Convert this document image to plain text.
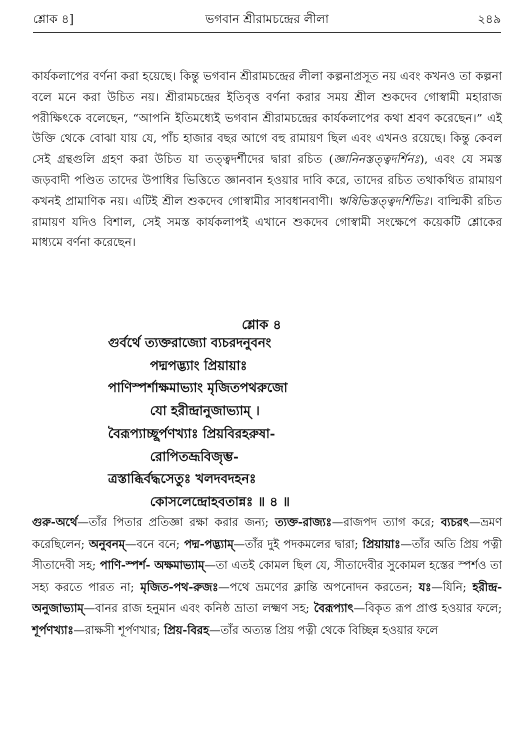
ভগবান শ্রীরামচন্দ্রের লীলা
শ্লোক ৪]	২৪৯

কার্যকলাপের বর্ণনা করা হয়েছে। কিন্তু ভগবান শ্রীরামচন্দ্রের লীলা কল্পনাপ্রসূত নয় এবং কখনও তা কল্পনা বলে মনে করা উচিত নয়। শ্রীরামচন্দ্রের ইতিবৃত্ত বর্ণনা করার সময় শ্রীল শুকদেব গোস্বামী মহারাজ পরীক্ষিৎকে বলেছেন, “আপনি ইতিমধ্যেই ভগবান শ্রীরামচন্দ্রের কার্যকলাপের কথা শ্রবণ করেছেন।” এই উক্তি থেকে বোঝা যায় যে, পাঁচ হাজার বছর আগে বহু রামায়ণ ছিল এবং এখনও রয়েছে। কিন্তু কেবল সেই গ্রন্থগুলি গ্রহণ করা উচিত যা তত্ত্বদর্শীদের দ্বারা রচিত (জ্ঞানিনস্তত্ত্বদর্শিনঃ), এবং যে সমস্ত জড়বাদী পণ্ডিত তাদের উপাধির ভিত্তিতে জ্ঞানবান হওয়ার দাবি করে, তাদের রচিত তথাকথিত রামায়ণ কখনই প্রামাণিক নয়। এটিই শ্রীল শুকদেব গোস্বামীর সাবধানবাণী। ঋষিভিস্তত্ত্বদর্শিভিঃ। বাল্মিকী রচিত রামায়ণ যদিও বিশাল, সেই সমস্ত কার্যকলাপই এখানে শুকদেব গোস্বামী সংক্ষেপে কয়েকটি শ্লোকের মাধ্যমে বর্ণনা করেছেন।

শ্লোক ৪
গুর্বর্থে ত্যক্তরাজ্যো ব্যচরদনুবনং
পদ্মপদ্ভ্যাং প্রিয়ায়াঃ
পাণিস্পর্শাক্ষমাভ্যাং মৃজিতপথরুজো
যো হরীন্দ্রানুজাভ্যাম্ ।
বৈরূপ্যাচ্ছূর্পণখ্যাঃ প্রিয়বিরহরুষা-
রোপিতভ্রূবিজৃম্ভ-
ত্রস্তাব্ধির্বদ্ধসেতুঃ খলদবদহনঃ
কোসলেন্দ্রোহবতান্নঃ ॥ ৪ ॥
গুরু-অর্থে—তাঁর পিতার প্রতিজ্ঞা রক্ষা করার জন্য; ত্যক্ত-রাজ্যঃ—রাজপদ ত্যাগ করে; ব্যচরৎ—ভ্রমণ করেছিলেন; অনুবনম্—বনে বনে; পদ্ম-পদ্ভ্যাম্—তাঁর দুই পদকমলের দ্বারা; প্রিয়ায়াঃ—তাঁর অতি প্রিয় পত্নী সীতাদেবী সহ; পাণি-স্পর্শ- অক্ষমাভ্যাম্—তা এতই কোমল ছিল যে, সীতাদেবীর সুকোমল হস্তের স্পর্শও তা সহ্য করতে পারত না; মৃজিত-পথ-রুজঃ—পথে ভ্রমণের ক্লান্তি অপনোদন করতেন; যঃ—যিনি; হরীন্দ্র-অনুজাভ্যাম্—বানর রাজ হনুমান এবং কনিষ্ঠ ভ্রাতা লক্ষ্মণ সহ; বৈরূপ্যাৎ—বিকৃত রূপ প্রাপ্ত হওয়ার ফলে; শূর্পণখ্যাঃ—রাক্ষসী শূর্পণখার; প্রিয়-বিরহ—তাঁর অত্যন্ত প্রিয় পত্নী থেকে বিচ্ছিন্ন হওয়ার ফলে
